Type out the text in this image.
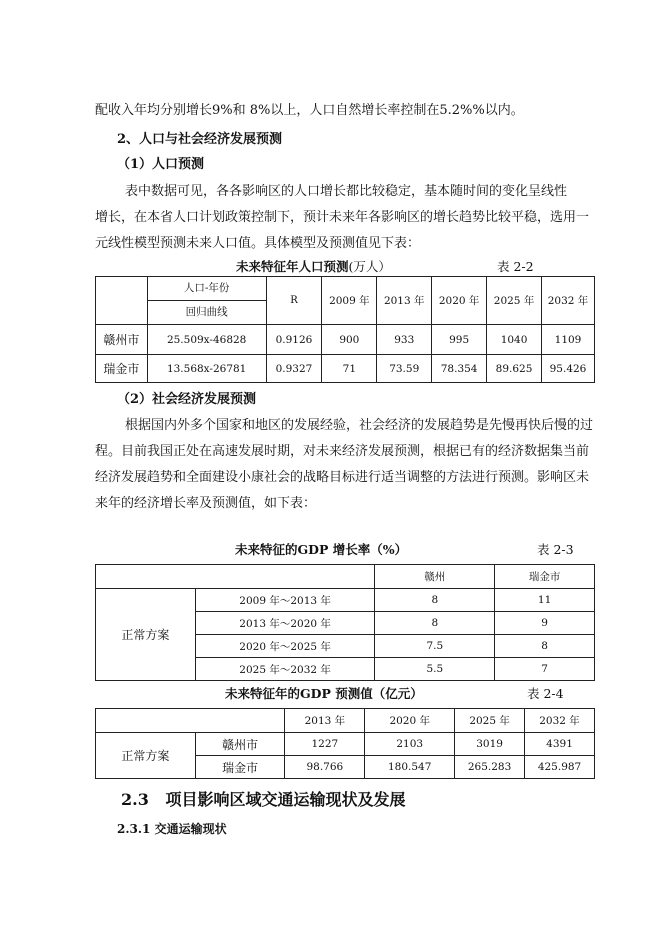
配收入年均分别增长9%和 8%以上，人口自然增长率控制在5.2%%以内。
2、人口与社会经济发展预测
（1）人口预测
表中数据可见，各各影响区的人口增长都比较稳定，基本随时间的变化呈线性
增长，在本省人口计划政策控制下，预计未来年各影响区的增长趋势比较平稳，选用一
元线性模型预测未来人口值。具体模型及预测值见下表：
未来特征年人口预测(万人）	表 2-2

	人口-年份
回归曲线	R	2009 年	2013 年	2020 年	2025 年	2032 年
赣州市	25.509x-46828	0.9126	900	933	995	1040	1109
瑞金市	13.568x-26781	0.9327	71	73.59	78.354	89.625	95.426
（2）社会经济发展预测
根据国内外多个国家和地区的发展经验，社会经济的发展趋势是先慢再快后慢的过
程。目前我国正处在高速发展时期，对未来经济发展预测，根据已有的经济数据集当前
经济发展趋势和全面建设小康社会的战略目标进行适当调整的方法进行预测。影响区未
来年的经济增长率及预测值，如下表：
未来特征的GDP 增长率（%）	表 2-3
		赣州	瑞金市
正常方案	2009 年～2013 年	8	11
	2013 年～2020 年	8	9
	2020 年～2025 年	7.5	8
	2025 年～2032 年	5.5	7
未来特征年的GDP 预测值（亿元）	表 2-4
		2013 年	2020 年	2025 年	2032 年
正常方案	赣州市	1227	2103	3019	4391
	瑞金市	98.766	180.547	265.283	425.987
2.3   项目影响区域交通运输现状及发展
2.3.1 交通运输现状
